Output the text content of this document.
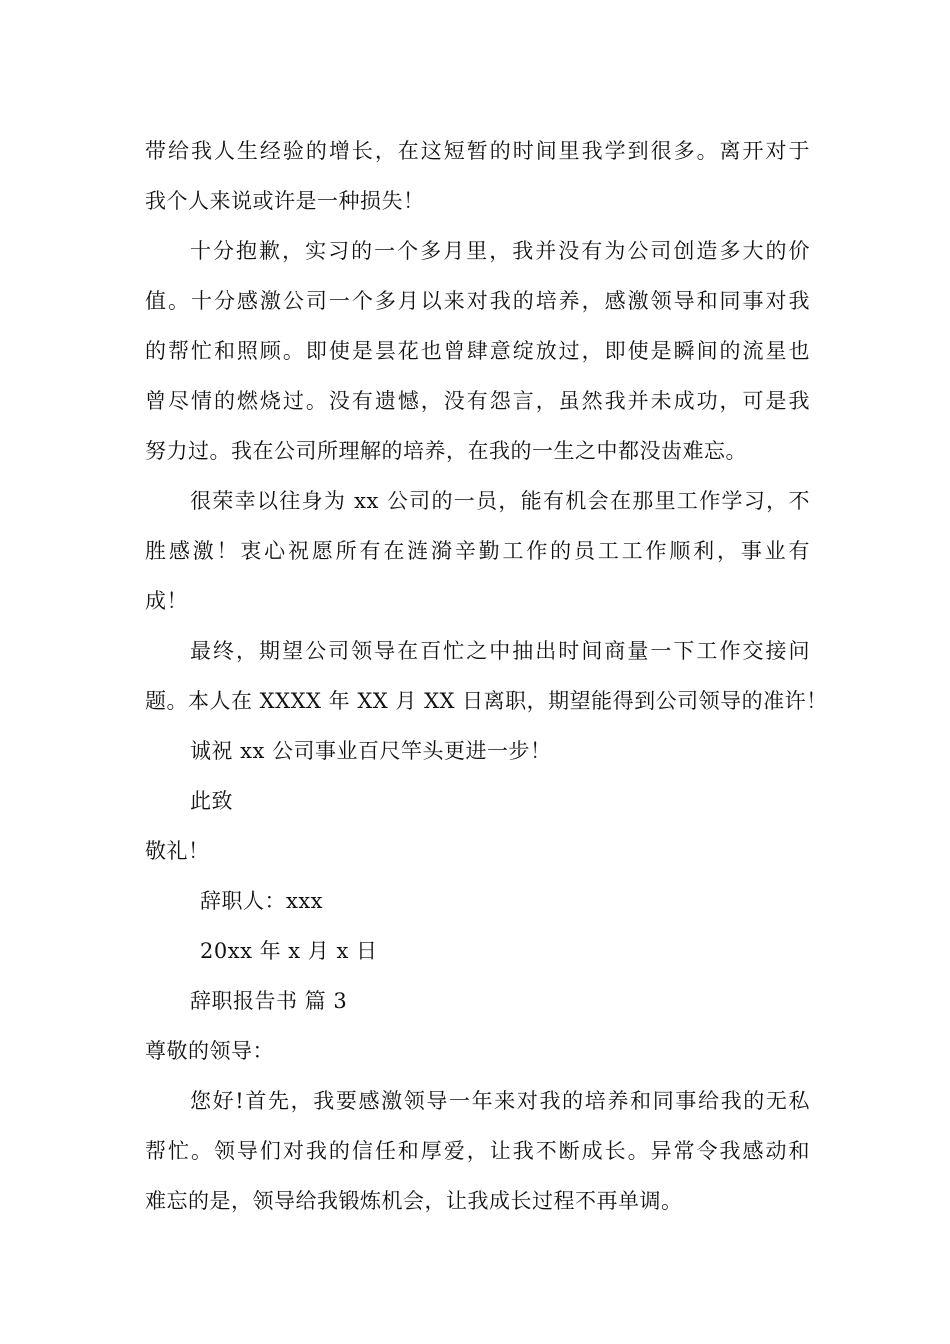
带给我人生经验的增长，在这短暂的时间里我学到很多。离开对于
我个人来说或许是一种损失！
十分抱歉，实习的一个多月里，我并没有为公司创造多大的价
值。十分感激公司一个多月以来对我的培养，感激领导和同事对我
的帮忙和照顾。即使是昙花也曾肆意绽放过，即使是瞬间的流星也
曾尽情的燃烧过。没有遗憾，没有怨言，虽然我并未成功，可是我
努力过。我在公司所理解的培养，在我的一生之中都没齿难忘。
很荣幸以往身为 xx 公司的一员，能有机会在那里工作学习，不
胜感激！衷心祝愿所有在涟漪辛勤工作的员工工作顺利，事业有
成！
最终，期望公司领导在百忙之中抽出时间商量一下工作交接问
题。本人在 XXXX 年 XX 月 XX 日离职，期望能得到公司领导的准许！
诚祝 xx 公司事业百尺竿头更进一步！
此致
敬礼！
辞职人：xxx
20xx 年 x 月 x 日
辞职报告书 篇 3
尊敬的领导：
您好!首先，我要感激领导一年来对我的培养和同事给我的无私
帮忙。领导们对我的信任和厚爱，让我不断成长。异常令我感动和
难忘的是，领导给我锻炼机会，让我成长过程不再单调。
